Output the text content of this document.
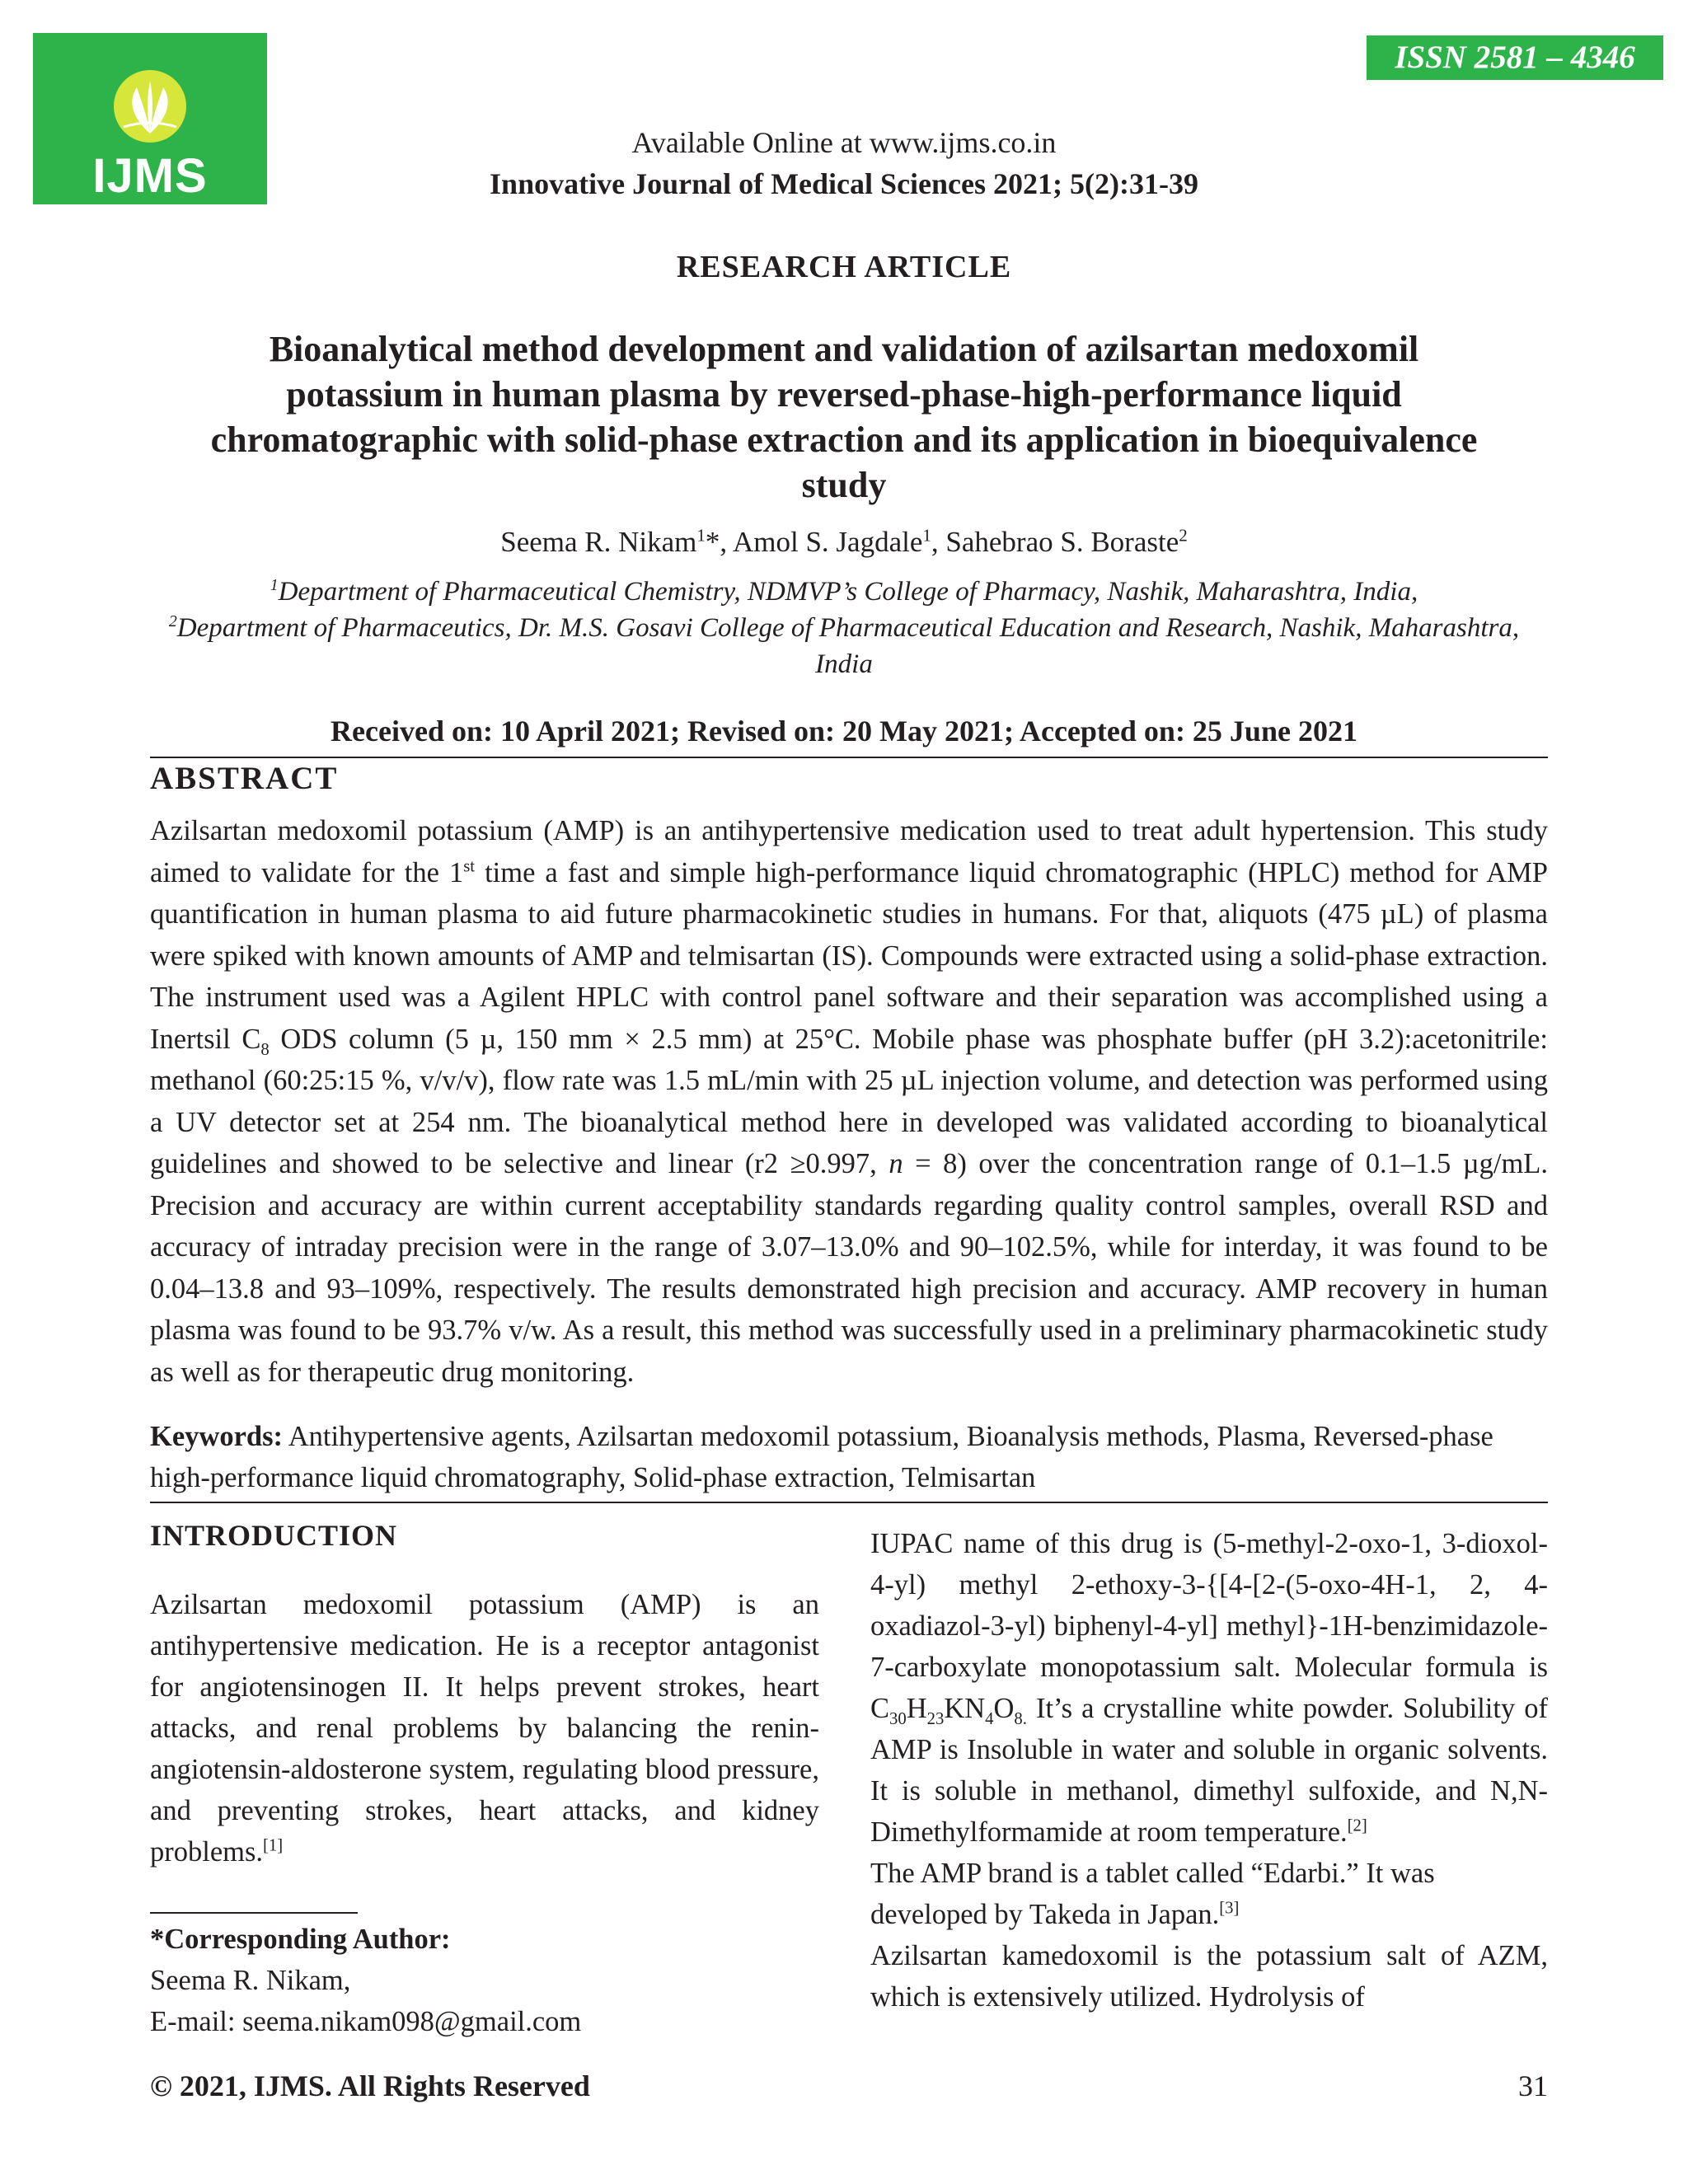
IJMS
ISSN 2581 – 4346
Available Online at www.ijms.co.in
Innovative Journal of Medical Sciences 2021; 5(2):31-39
RESEARCH ARTICLE
Bioanalytical method development and validation of azilsartan medoxomil potassium in human plasma by reversed-phase-high-performance liquid chromatographic with solid-phase extraction and its application in bioequivalence study
Seema R. Nikam$^1$*, Amol S. Jagdale$^1$, Sahebrao S. Boraste$^2$
$^1$Department of Pharmaceutical Chemistry, NDMVP’s College of Pharmacy, Nashik, Maharashtra, India,
$^2$Department of Pharmaceutics, Dr. M.S. Gosavi College of Pharmaceutical Education and Research, Nashik, Maharashtra, India
Received on: 10 April 2021; Revised on: 20 May 2021; Accepted on: 25 June 2021
ABSTRACT

Azilsartan medoxomil potassium (AMP) is an antihypertensive medication used to treat adult hypertension. This study aimed to validate for the 1st time a fast and simple high-performance liquid chromatographic (HPLC) method for AMP quantification in human plasma to aid future pharmacokinetic studies in humans. For that, aliquots (475 µL) of plasma were spiked with known amounts of AMP and telmisartan (IS). Compounds were extracted using a solid-phase extraction. The instrument used was a Agilent HPLC with control panel software and their separation was accomplished using a Inertsil $C_8$ ODS column (5 µ, 150 mm × 2.5 mm) at 25°C. Mobile phase was phosphate buffer (pH 3.2):acetonitrile: methanol (60:25:15 %, v/v/v), flow rate was 1.5 mL/min with 25 µL injection volume, and detection was performed using a UV detector set at 254 nm. The bioanalytical method here in developed was validated according to bioanalytical guidelines and showed to be selective and linear (r2 ≥0.997, n = 8) over the concentration range of 0.1–1.5 µg/mL. Precision and accuracy are within current acceptability standards regarding quality control samples, overall RSD and accuracy of intraday precision were in the range of 3.07–13.0% and 90–102.5%, while for interday, it was found to be 0.04–13.8 and 93–109%, respectively. The results demonstrated high precision and accuracy. AMP recovery in human plasma was found to be 93.7% v/w. As a result, this method was successfully used in a preliminary pharmacokinetic study as well as for therapeutic drug monitoring.

Keywords: Antihypertensive agents, Azilsartan medoxomil potassium, Bioanalysis methods, Plasma, Reversed-phase high-performance liquid chromatography, Solid-phase extraction, Telmisartan

INTRODUCTION

Azilsartan medoxomil potassium (AMP) is an antihypertensive medication. He is a receptor antagonist for angiotensinogen II. It helps prevent strokes, heart attacks, and renal problems by balancing the renin-angiotensin-aldosterone system, regulating blood pressure, and preventing strokes, heart attacks, and kidney problems.[1]

*Corresponding Author:
Seema R. Nikam,
E-mail: seema.nikam098@gmail.com

IUPAC name of this drug is (5-methyl-2-oxo-1, 3-dioxol-4-yl) methyl 2-ethoxy-3-{[4-[2-(5-oxo-4H-1, 2, 4-oxadiazol-3-yl) biphenyl-4-yl] methyl}-1H-benzimidazole-7-carboxylate monopotassium salt. Molecular formula is $C_{30}H_{23}KN_4O_{8.}$ It’s a crystalline white powder. Solubility of AMP is Insoluble in water and soluble in organic solvents. It is soluble in methanol, dimethyl sulfoxide, and N,N-Dimethylformamide at room temperature.[2]

The AMP brand is a tablet called “Edarbi.” It was developed by Takeda in Japan.[3]

Azilsartan kamedoxomil is the potassium salt of AZM, which is extensively utilized. Hydrolysis of

© 2021, IJMS. All Rights Reserved	31
